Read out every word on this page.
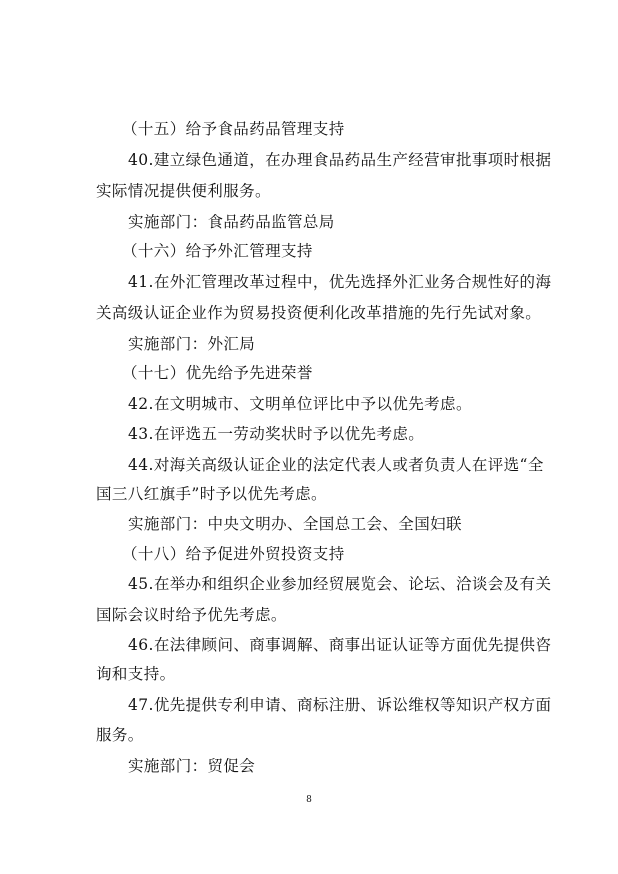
（十五）给予食品药品管理支持
40.建立绿色通道，在办理食品药品生产经营审批事项时根据
实际情况提供便利服务。
实施部门：食品药品监管总局
（十六）给予外汇管理支持
41.在外汇管理改革过程中，优先选择外汇业务合规性好的海
关高级认证企业作为贸易投资便利化改革措施的先行先试对象。
实施部门：外汇局
（十七）优先给予先进荣誉
42.在文明城市、文明单位评比中予以优先考虑。
43.在评选五一劳动奖状时予以优先考虑。
44.对海关高级认证企业的法定代表人或者负责人在评选“全
国三八红旗手”时予以优先考虑。
实施部门：中央文明办、全国总工会、全国妇联
（十八）给予促进外贸投资支持
45.在举办和组织企业参加经贸展览会、论坛、洽谈会及有关
国际会议时给予优先考虑。
46.在法律顾问、商事调解、商事出证认证等方面优先提供咨
询和支持。
47.优先提供专利申请、商标注册、诉讼维权等知识产权方面
服务。
实施部门：贸促会
8
